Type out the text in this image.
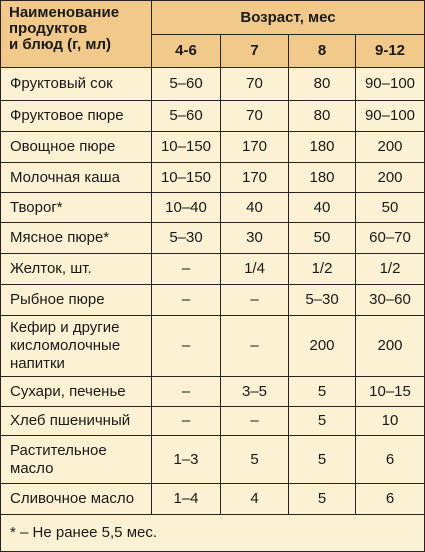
Наименование
продуктов
и блюд (г, мл)	Возраст, мес			
	4-6	7	8	9-12
Фруктовый сок	5–60	70	80	90–100
Фруктовое пюре	5–60	70	80	90–100
Овощное пюре	10–150	170	180	200
Молочная каша	10–150	170	180	200
Творог*	10–40	40	40	50
Мясное пюре*	5–30	30	50	60–70
Желток, шт.	–	1/4	1/2	1/2
Рыбное пюре	–	–	5–30	30–60
Кефир и другие
кисломолочные
напитки	–	–	200	200
Сухари, печенье	–	3–5	5	10–15
Хлеб пшеничный	–	–	5	10
Растительное
масло	1–3	5	5	6
Сливочное масло	1–4	4	5	6
* – Не ранее 5,5 мес.				
